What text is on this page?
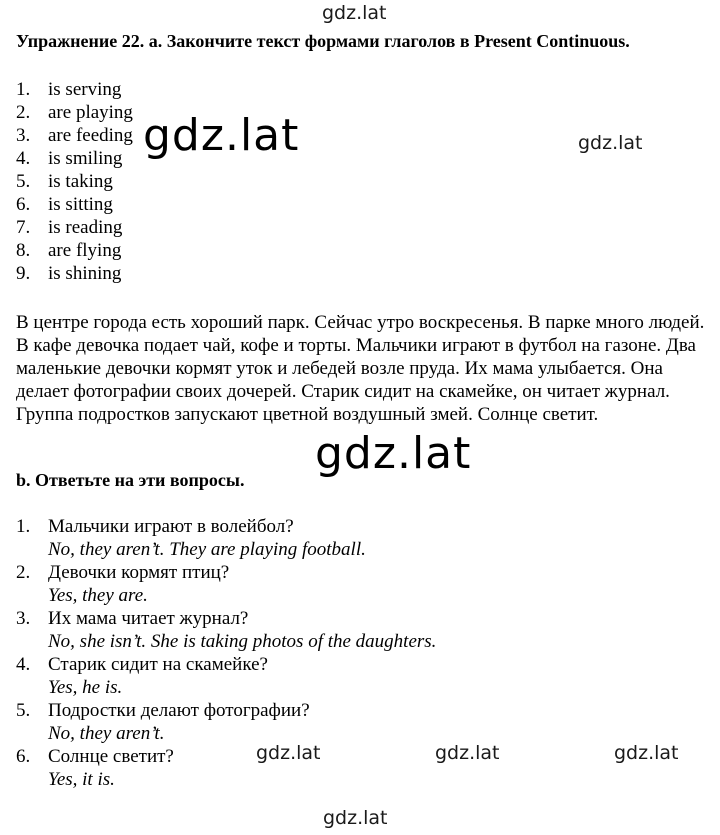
gdz.lat
Упражнение 22. a. Закончите текст формами глаголов в Present Continuous.
1. is serving
2. are playing
3. are feeding
4. is smiling
5. is taking
6. is sitting
7. is reading
8. are flying
9. is shining
gdz.lat	gdz.lat

В центре города есть хороший парк. Сейчас утро воскресенья. В парке много людей. В кафе девочка подает чай, кофе и торты. Мальчики играют в футбол на газоне. Два маленькие девочки кормят уток и лебедей возле пруда. Их мама улыбается. Она делает фотографии своих дочерей. Старик сидит на скамейке, он читает журнал. Группа подростков запускают цветной воздушный змей. Солнце светит.

gdz.lat
b. Ответьте на эти вопросы.
1. Мальчики играют в волейбол?
No, they aren’t. They are playing football.
2. Девочки кормят птиц?
Yes, they are.
3. Их мама читает журнал?
No, she isn’t. She is taking photos of the daughters.
4. Старик сидит на скамейке?
Yes, he is.
5. Подростки делают фотографии?
No, they aren’t.
6. Солнце светит?
Yes, it is.
gdz.lat	gdz.lat	gdz.lat
gdz.lat
